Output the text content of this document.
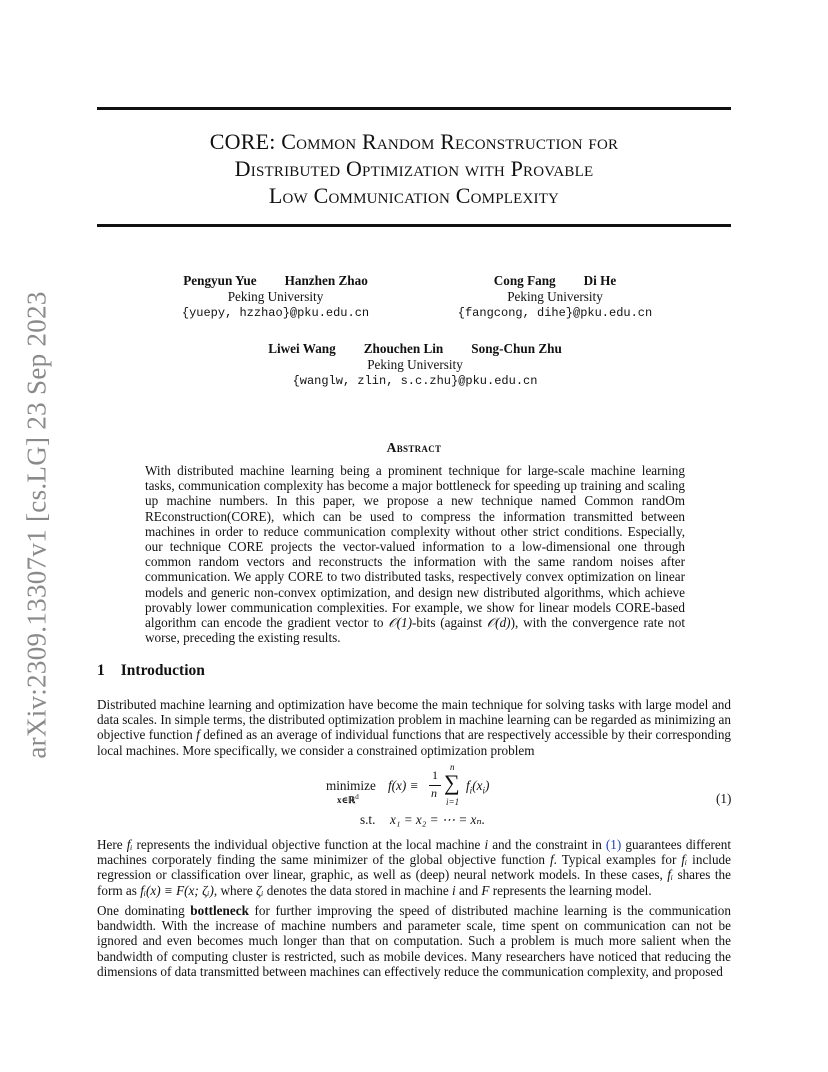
CORE: Common Random Reconstruction for
Distributed Optimization with Provable
Low Communication Complexity
arXiv:2309.13307v1 [cs.LG] 23 Sep 2023
Pengyun Yue Hanzhen Zhao
Peking University
{yuepy, hzzhao}@pku.edu.cn
Cong Fang Di He
Peking University
{fangcong, dihe}@pku.edu.cn
Liwei Wang Zhouchen Lin Song-Chun Zhu
Peking University
{wanglw, zlin, s.c.zhu}@pku.edu.cn
Abstract
With distributed machine learning being a prominent technique for large-scale machine learning tasks, communication complexity has become a major bottleneck for speeding up training and scaling up machine numbers. In this paper, we propose a new technique named Common randOm REconstruction(CORE), which can be used to compress the information transmitted between machines in order to reduce communication complexity without other strict conditions. Especially, our technique CORE projects the vector-valued information to a low-dimensional one through common random vectors and reconstructs the information with the same random noises after communication. We apply CORE to two distributed tasks, respectively convex optimization on linear models and generic non-convex optimization, and design new distributed algorithms, which achieve provably lower communication complexities. For example, we show for linear models CORE-based algorithm can encode the gradient vector to 𝒪(1)-bits (against 𝒪(d)), with the convergence rate not worse, preceding the existing results.
1 Introduction
Distributed machine learning and optimization have become the main technique for solving tasks with large model and data scales. In simple terms, the distributed optimization problem in machine learning can be regarded as minimizing an objective function f defined as an average of individual functions that are respectively accessible by their corresponding local machines. More specifically, we consider a constrained optimization problem
minimize
x∈ℝ$^d$
f(x) ≡
1
n
n
∑
i=1
$f_i(x_i)$
s.t. x₁ = x₂ = ⋯ = xₙ.
(1)
Here fᵢ represents the individual objective function at the local machine i and the constraint in (1) guarantees different machines corporately finding the same minimizer of the global objective function f. Typical examples for fᵢ include regression or classification over linear, graphic, as well as (deep) neural network models. In these cases, fᵢ shares the form as fᵢ(x) ≡ F(x; ζᵢ), where ζᵢ denotes the data stored in machine i and F represents the learning model.
One dominating bottleneck for further improving the speed of distributed machine learning is the communication bandwidth. With the increase of machine numbers and parameter scale, time spent on communication can not be ignored and even becomes much longer than that on computation. Such a problem is much more salient when the bandwidth of computing cluster is restricted, such as mobile devices. Many researchers have noticed that reducing the dimensions of data transmitted between machines can effectively reduce the communication complexity, and proposed
